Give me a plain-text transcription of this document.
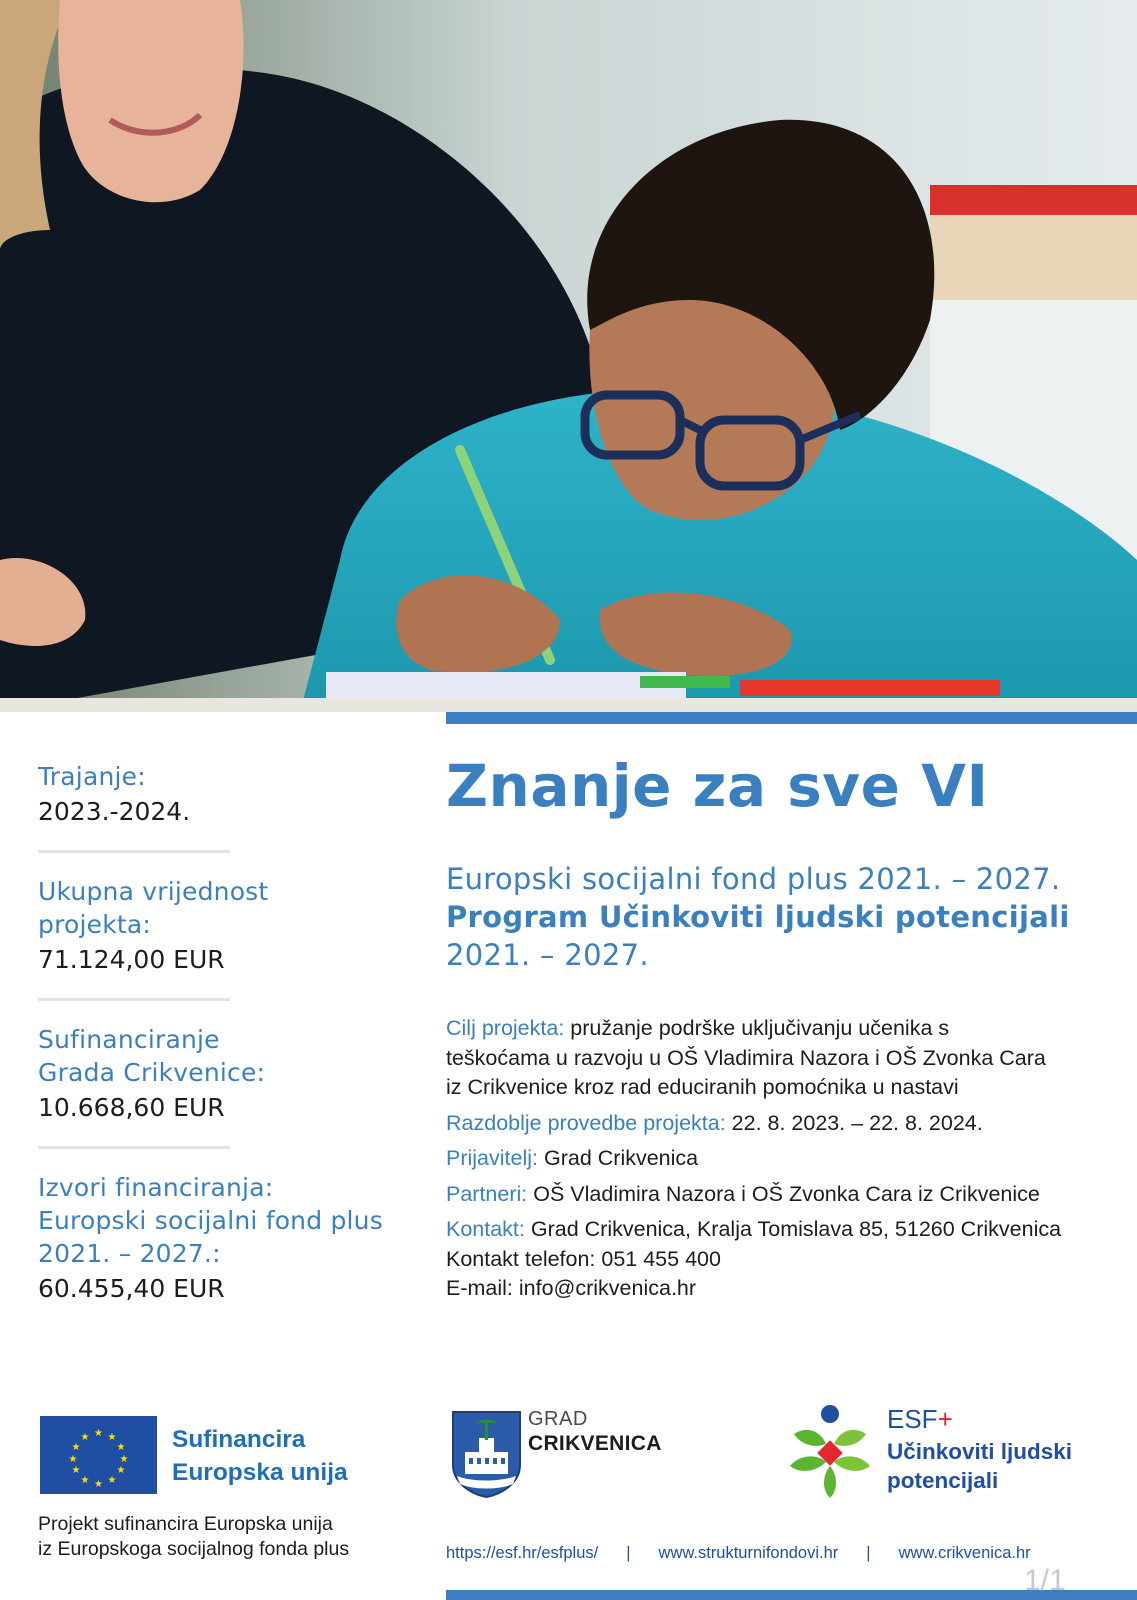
Trajanje:
2023.-2024.
Ukupna vrijednost
projekta:
71.124,00 EUR
Sufinanciranje
Grada Crikvenice:
10.668,60 EUR
Izvori financiranja:
Europski socijalni fond plus
2021. – 2027.:
60.455,40 EUR
Znanje za sve VI
Europski socijalni fond plus 2021. – 2027.
Program Učinkoviti ljudski potencijali
2021. – 2027.
Cilj projekta: pružanje podrške uključivanju učenika s
teškoćama u razvoju u OŠ Vladimira Nazora i OŠ Zvonka Cara
iz Crikvenice kroz rad educiranih pomoćnika u nastavi
Razdoblje provedbe projekta: 22. 8. 2023. – 22. 8. 2024.
Prijavitelj: Grad Crikvenica
Partneri: OŠ Vladimira Nazora i OŠ Zvonka Cara iz Crikvenice
Kontakt: Grad Crikvenica, Kralja Tomislava 85, 51260 Crikvenica
Kontakt telefon: 051 455 400
E-mail: info@crikvenica.hr
★ ★
★
★
★
★
★
★
★
★
★
★	Sufinancira
Europska unija
Projekt sufinancira Europska unija
iz Europskoga socijalnog fonda plus
GRAD
CRIKVENICA
ESF+
Učinkoviti ljudski
potencijali
https://esf.hr/esfplus/ | www.strukturnifondovi.hr | www.crikvenica.hr
1/1
